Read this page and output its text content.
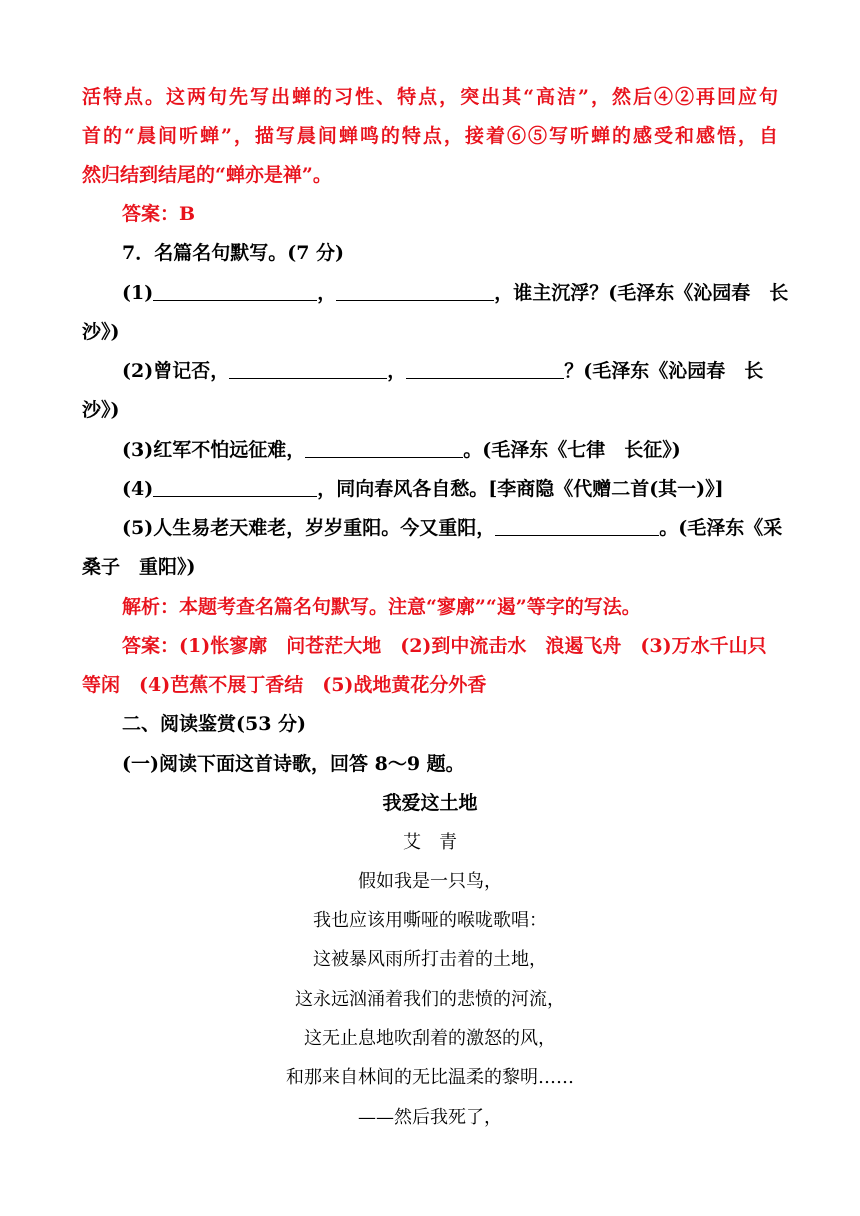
活特点。这两句先写出蝉的习性、特点，突出其“高洁”，然后④②再回应句
首的“晨间听蝉”，描写晨间蝉鸣的特点，接着⑥⑤写听蝉的感受和感悟，自
然归结到结尾的“蝉亦是禅”。
答案：B
7．名篇名句默写。(7 分)
(1)	，	，谁主沉浮？(毛泽东《沁园春　长
沙》)
(2)曾记否，	，	？(毛泽东《沁园春　长
沙》)
(3)红军不怕远征难，	。(毛泽东《七律　长征》)
(4)	，同向春风各自愁。[李商隐《代赠二首(其一)》]
(5)人生易老天难老，岁岁重阳。今又重阳，	。(毛泽东《采
桑子　重阳》)
解析：本题考查名篇名句默写。注意“寥廓”“遏”等字的写法。
答案：(1)怅寥廓　问苍茫大地　(2)到中流击水　浪遏飞舟　(3)万水千山只
等闲　(4)芭蕉不展丁香结　(5)战地黄花分外香
二、阅读鉴赏(53 分)
(一)阅读下面这首诗歌，回答 8～9 题。
我爱这土地
艾　青
假如我是一只鸟，
我也应该用嘶哑的喉咙歌唱：
这被暴风雨所打击着的土地，
这永远汹涌着我们的悲愤的河流，
这无止息地吹刮着的激怒的风，
和那来自林间的无比温柔的黎明……
——然后我死了，
